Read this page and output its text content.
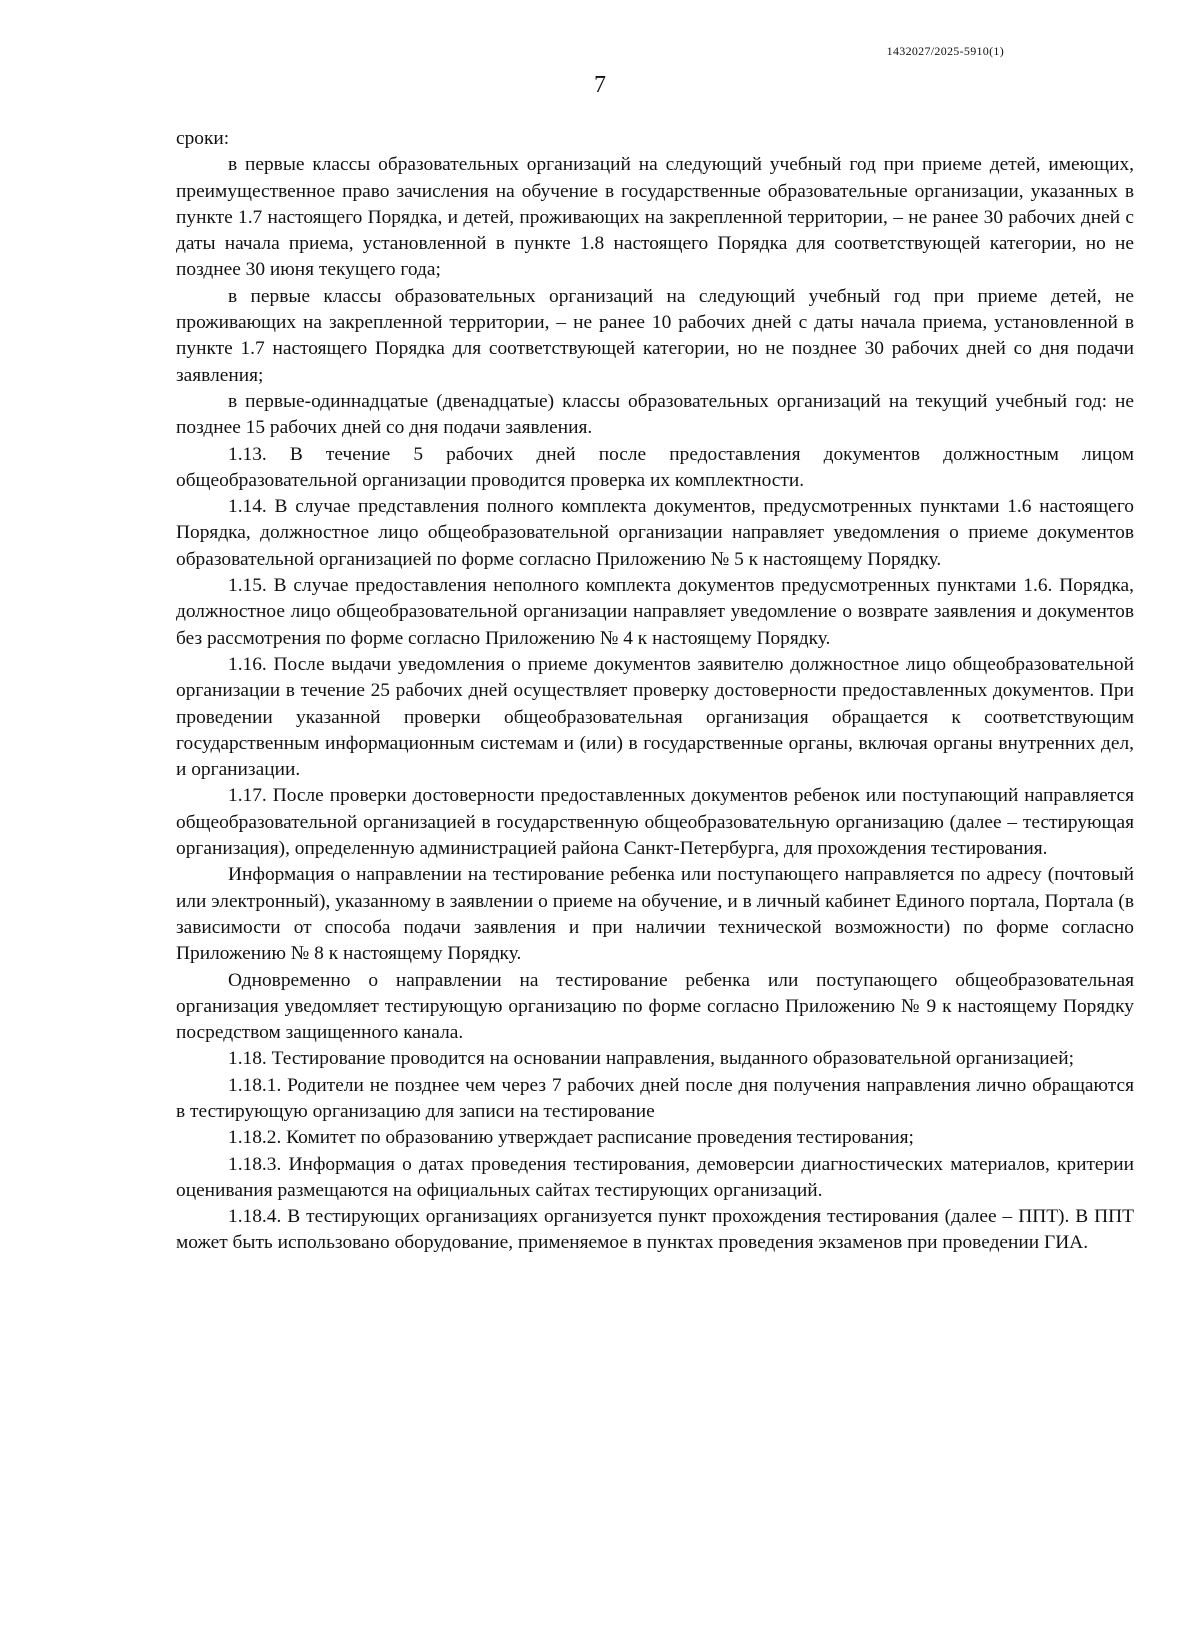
1432027/2025-5910(1)
7

сроки:

в первые классы образовательных организаций на следующий учебный год при приеме детей, имеющих, преимущественное право зачисления на обучение в государственные образовательные организации, указанных в пункте 1.7 настоящего Порядка, и детей, проживающих на закрепленной территории, – не ранее 30 рабочих дней с даты начала приема, установленной в пункте 1.8 настоящего Порядка для соответствующей категории, но не позднее 30 июня текущего года;

в первые классы образовательных организаций на следующий учебный год при приеме детей, не проживающих на закрепленной территории, – не ранее 10 рабочих дней с даты начала приема, установленной в пункте 1.7 настоящего Порядка для соответствующей категории, но не позднее 30 рабочих дней со дня подачи заявления;

в первые-одиннадцатые (двенадцатые) классы образовательных организаций на текущий учебный год: не позднее 15 рабочих дней со дня подачи заявления.

1.13. В течение 5 рабочих дней после предоставления документов должностным лицом общеобразовательной организации проводится проверка их комплектности.

1.14. В случае представления полного комплекта документов, предусмотренных пунктами 1.6 настоящего Порядка, должностное лицо общеобразовательной организации направляет уведомления о приеме документов образовательной организацией по форме согласно Приложению № 5 к настоящему Порядку.

1.15. В случае предоставления неполного комплекта документов предусмотренных пунктами 1.6. Порядка, должностное лицо общеобразовательной организации направляет уведомление о возврате заявления и документов без рассмотрения по форме согласно Приложению № 4 к настоящему Порядку.

1.16. После выдачи уведомления о приеме документов заявителю должностное лицо общеобразовательной организации в течение 25 рабочих дней осуществляет проверку достоверности предоставленных документов. При проведении указанной проверки общеобразовательная организация обращается к соответствующим государственным информационным системам и (или) в государственные органы, включая органы внутренних дел, и организации.

1.17. После проверки достоверности предоставленных документов ребенок или поступающий направляется общеобразовательной организацией в государственную общеобразовательную организацию (далее – тестирующая организация), определенную администрацией района Санкт-Петербурга, для прохождения тестирования.

Информация о направлении на тестирование ребенка или поступающего направляется по адресу (почтовый или электронный), указанному в заявлении о приеме на обучение, и в личный кабинет Единого портала, Портала (в зависимости от способа подачи заявления и при наличии технической возможности) по форме согласно Приложению № 8 к настоящему Порядку.

Одновременно о направлении на тестирование ребенка или поступающего общеобразовательная организация уведомляет тестирующую организацию по форме согласно Приложению № 9 к настоящему Порядку посредством защищенного канала.

1.18. Тестирование проводится на основании направления, выданного образовательной организацией;

1.18.1. Родители не позднее чем через 7 рабочих дней после дня получения направления лично обращаются в тестирующую организацию для записи на тестирование

1.18.2. Комитет по образованию утверждает расписание проведения тестирования;

1.18.3. Информация о датах проведения тестирования, демоверсии диагностических материалов, критерии оценивания размещаются на официальных сайтах тестирующих организаций.

1.18.4. В тестирующих организациях организуется пункт прохождения тестирования (далее – ППТ). В ППТ может быть использовано оборудование, применяемое в пунктах проведения экзаменов при проведении ГИА.
